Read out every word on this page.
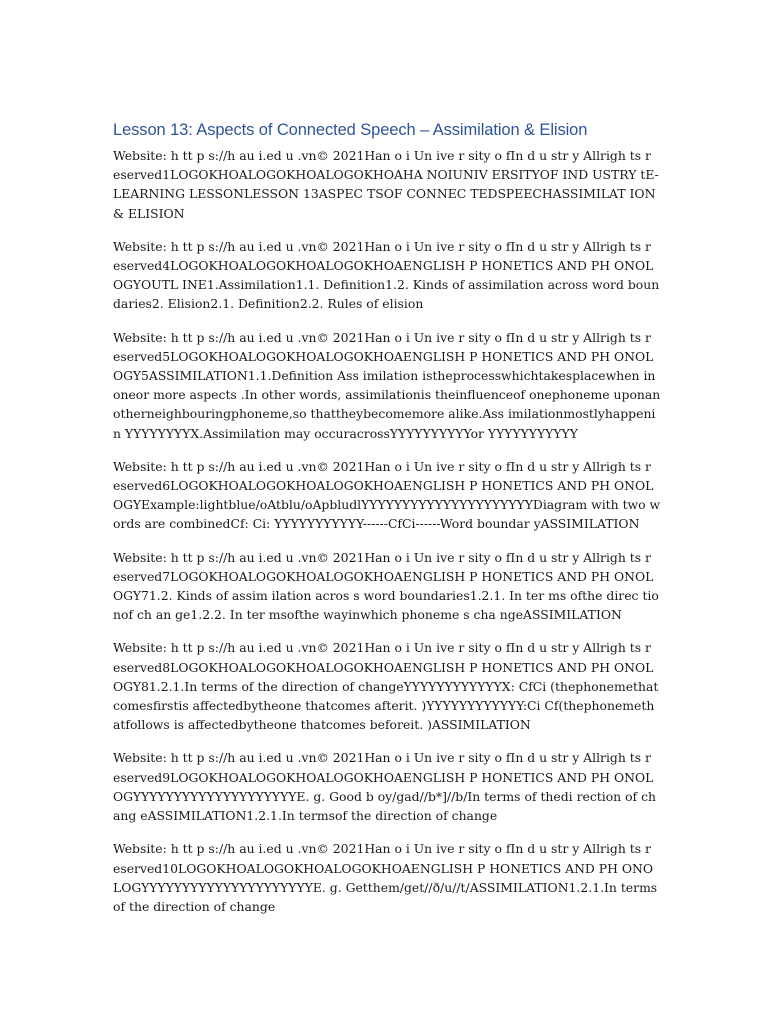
Lesson 13: Aspects of Connected Speech – Assimilation & Elision

Website: h tt p s://h au i.ed u .vn© 2021Han o i Un ive r sity o fIn d u str y Allrigh ts r eserved1LOGOKHOALOGOKHOALOGOKHOAHA NOIUNIV ERSITYOF IND USTRY tE-LEARNING LESSONLESSON 13ASPEC TSOF CONNEC TEDSPEECHASSIMILAT ION & ELISION

Website: h tt p s://h au i.ed u .vn© 2021Han o i Un ive r sity o fIn d u str y Allrigh ts r eserved4LOGOKHOALOGOKHOALOGOKHOAENGLISH P HONETICS AND PH ONOLOGYOUTL INE1.Assimilation1.1. Definition1.2. Kinds of assimilation across word boundaries2. Elision2.1. Definition2.2. Rules of elision

Website: h tt p s://h au i.ed u .vn© 2021Han o i Un ive r sity o fIn d u str y Allrigh ts r eserved5LOGOKHOALOGOKHOALOGOKHOAENGLISH P HONETICS AND PH ONOLOGY5ASSIMILATION1.1.Definition Ass imilation istheprocesswhichtakesplacewhen in oneor more aspects .In other words, assimilationis theinfluenceof onephoneme uponanotherneighbouringphoneme,so thattheybecomemore alike.Ass imilationmostlyhappenin YYYYYYYYX.Assimilation may occuracrossYYYYYYYYYYor YYYYYYYYYYY

Website: h tt p s://h au i.ed u .vn© 2021Han o i Un ive r sity o fIn d u str y Allrigh ts r eserved6LOGOKHOALOGOKHOALOGOKHOAENGLISH P HONETICS AND PH ONOLOGYExample:lightblue/oAtblu/oApbludlYYYYYYYYYYYYYYYYYYYYYDiagram with two words are combinedCf: Ci: YYYYYYYYYYY------CfCi------Word boundar yASSIMILATION

Website: h tt p s://h au i.ed u .vn© 2021Han o i Un ive r sity o fIn d u str y Allrigh ts r eserved7LOGOKHOALOGOKHOALOGOKHOAENGLISH P HONETICS AND PH ONOLOGY71.2. Kinds of assim ilation acros s word boundaries1.2.1. In ter ms ofthe direc tionof ch an ge1.2.2. In ter msofthe wayinwhich phoneme s cha ngeASSIMILATION

Website: h tt p s://h au i.ed u .vn© 2021Han o i Un ive r sity o fIn d u str y Allrigh ts r eserved8LOGOKHOALOGOKHOALOGOKHOAENGLISH P HONETICS AND PH ONOLOGY81.2.1.In terms of the direction of changeYYYYYYYYYYYYX: CfCi (thephonemethatcomesfirstis affectedbytheone thatcomes afterit. )YYYYYYYYYYYY:Ci Cf(thephonemethatfollows is affectedbytheone thatcomes beforeit. )ASSIMILATION

Website: h tt p s://h au i.ed u .vn© 2021Han o i Un ive r sity o fIn d u str y Allrigh ts r eserved9LOGOKHOALOGOKHOALOGOKHOAENGLISH P HONETICS AND PH ONOLOGYYYYYYYYYYYYYYYYYYYYE. g. Good b oy/gad//b*]//b/In terms of thedi rection of chang eASSIMILATION1.2.1.In termsof the direction of change

Website: h tt p s://h au i.ed u .vn© 2021Han o i Un ive r sity o fIn d u str y Allrigh ts r eserved10LOGOKHOALOGOKHOALOGOKHOAENGLISH P HONETICS AND PH ONOLOGYYYYYYYYYYYYYYYYYYYYYE. g. Getthem/get//ð/u//t/ASSIMILATION1.2.1.In termsof the direction of change
